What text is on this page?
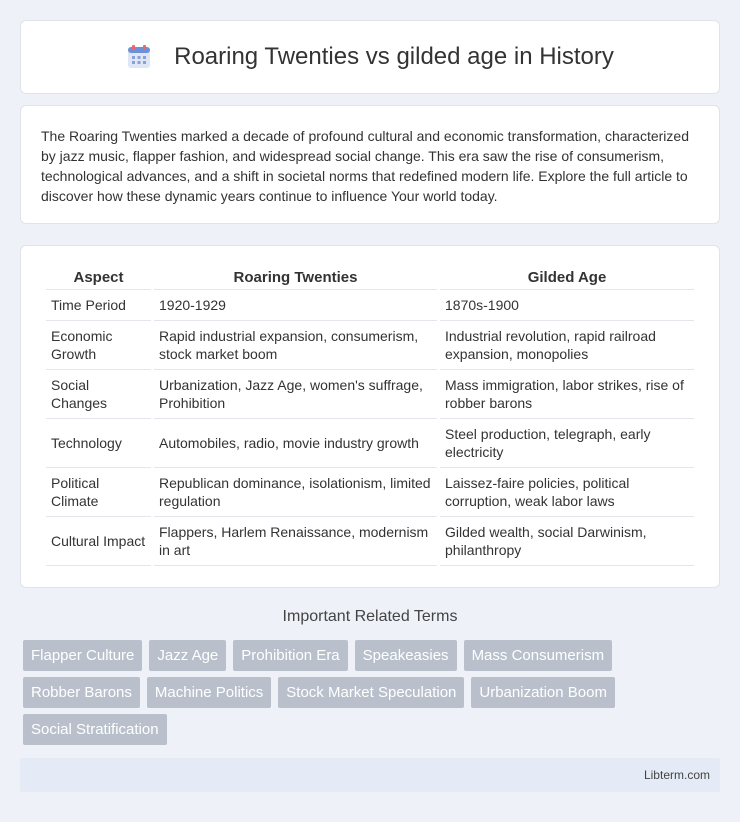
Roaring Twenties vs gilded age in History

The Roaring Twenties marked a decade of profound cultural and economic transformation, characterized by jazz music, flapper fashion, and widespread social change. This era saw the rise of consumerism, technological advances, and a shift in societal norms that redefined modern life. Explore the full article to discover how these dynamic years continue to influence Your world today.

Aspect	Roaring Twenties	Gilded Age
Time Period	1920-1929	1870s-1900
Economic Growth	Rapid industrial expansion, consumerism, stock market boom	Industrial revolution, rapid railroad expansion, monopolies
Social Changes	Urbanization, Jazz Age, women's suffrage, Prohibition	Mass immigration, labor strikes, rise of robber barons
Technology	Automobiles, radio, movie industry growth	Steel production, telegraph, early electricity
Political Climate	Republican dominance, isolationism, limited regulation	Laissez-faire policies, political corruption, weak labor laws
Cultural Impact	Flappers, Harlem Renaissance, modernism in art	Gilded wealth, social Darwinism, philanthropy
Important Related Terms
Flapper Culture	Jazz Age	Prohibition Era	Speakeasies	Mass Consumerism
Robber Barons	Machine Politics	Stock Market Speculation	Urbanization Boom
Social Stratification
Libterm.com
